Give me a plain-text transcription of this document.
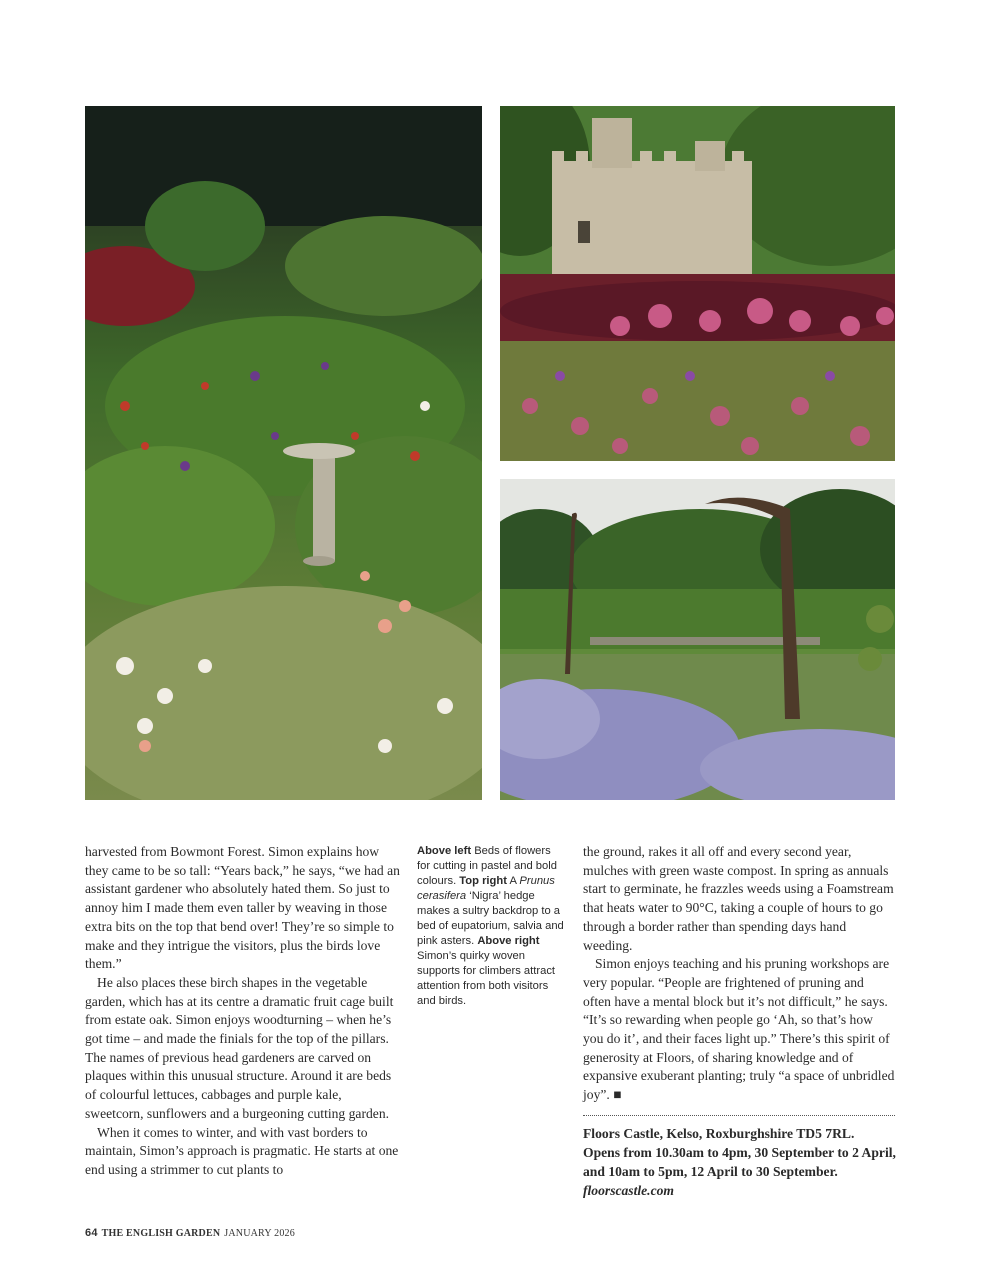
harvested from Bowmont Forest. Simon explains how they came to be so tall: “Years back,” he says, “we had an assistant gardener who absolutely hated them. So just to annoy him I made them even taller by weaving in those extra bits on the top that bend over! They’re so simple to make and they intrigue the visitors, plus the birds love them.”

He also places these birch shapes in the vegetable garden, which has at its centre a dramatic fruit cage built from estate oak. Simon enjoys woodturning – when he’s got time – and made the finials for the top of the pillars. The names of previous head gardeners are carved on plaques within this unusual structure. Around it are beds of colourful lettuces, cabbages and purple kale, sweetcorn, sunflowers and a burgeoning cutting garden.

When it comes to winter, and with vast borders to maintain, Simon’s approach is pragmatic. He starts at one end using a strimmer to cut plants to

Above left Beds of flowers for cutting in pastel and bold colours. Top right A Prunus cerasifera ‘Nigra’ hedge makes a sultry backdrop to a bed of eupatorium, salvia and pink asters. Above right Simon’s quirky woven supports for climbers attract attention from both visitors and birds.

the ground, rakes it all off and every second year, mulches with green waste compost. In spring as annuals start to germinate, he frazzles weeds using a Foamstream that heats water to 90°C, taking a couple of hours to go through a border rather than spending days hand weeding.

Simon enjoys teaching and his pruning workshops are very popular. “People are frightened of pruning and often have a mental block but it’s not difficult,” he says. “It’s so rewarding when people go ‘Ah, so that’s how you do it’, and their faces light up.” There’s this spirit of generosity at Floors, of sharing knowledge and of expansive exuberant planting; truly “a space of unbridled joy”. ■

Floors Castle, Kelso, Roxburghshire TD5 7RL.

Opens from 10.30am to 4pm, 30 September to 2 April, and 10am to 5pm, 12 April to 30 September.

floorscastle.com

64 THE ENGLISH GARDEN JANUARY 2026
